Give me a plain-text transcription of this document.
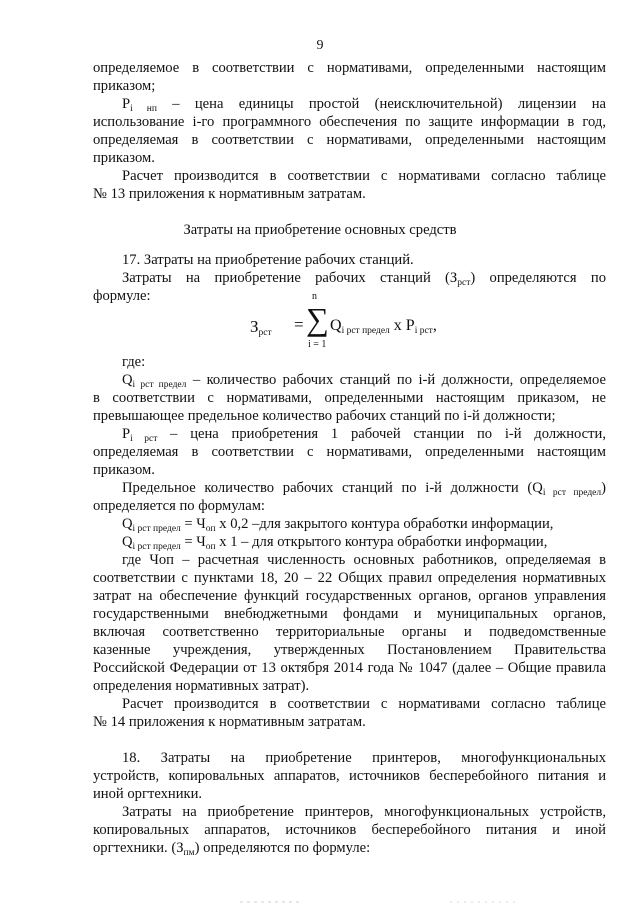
9
определяемое в соответствии с нормативами, определенными настоящим
приказом;
$P_{i нп}$ – цена единицы простой (неисключительной) лицензии на
использование i-го программного обеспечения по защите информации в год,
определяемая в соответствии с нормативами, определенными настоящим
приказом.
Расчет производится в соответствии с нормативами согласно таблице
№ 13 приложения к нормативным затратам.
Затраты на приобретение основных средств
17. Затраты на приобретение рабочих станций.
Затраты на приобретение рабочих станций $(З_{рст})$ определяются по
формуле:
$З_{рст}$ =
n
∑
i = 1
$Q_{i рст предел}$ x $P_{i рст}$,
где:
$Q_{i рст предел}$ – количество рабочих станций по i-й должности, определяемое
в соответствии с нормативами, определенными настоящим приказом, не
превышающее предельное количество рабочих станций по i-й должности;
$P_{i рст}$ – цена приобретения 1 рабочей станции по i-й должности,
определяемая в соответствии с нормативами, определенными настоящим
приказом.
Предельное количество рабочих станций по i-й должности $(Q_{i рст предел})$
определяется по формулам:
$Q_{i рст предел} = Ч_{оп}$ х 0,2 –для закрытого контура обработки информации,
$Q_{i рст предел} = Ч_{оп}$ х 1 – для открытого контура обработки информации,
где Чоп – расчетная численность основных работников, определяемая в
соответствии с пунктами 18, 20 – 22 Общих правил определения нормативных
затрат на обеспечение функций государственных органов, органов управления
государственными внебюджетными фондами и муниципальных органов,
включая соответственно территориальные органы и подведомственные
казенные учреждения, утвержденных Постановлением Правительства
Российской Федерации от 13 октября 2014 года № 1047 (далее – Общие правила
определения нормативных затрат).
Расчет производится в соответствии с нормативами согласно таблице
№ 14 приложения к нормативным затратам.
18. Затраты на приобретение принтеров, многофункциональных
устройств, копировальных аппаратов, источников бесперебойного питания и
иной оргтехники.
Затраты на приобретение принтеров, многофункциональных устройств,
копировальных аппаратов, источников бесперебойного питания и иной
оргтехники. $(З_{пм})$ определяются по формуле:
